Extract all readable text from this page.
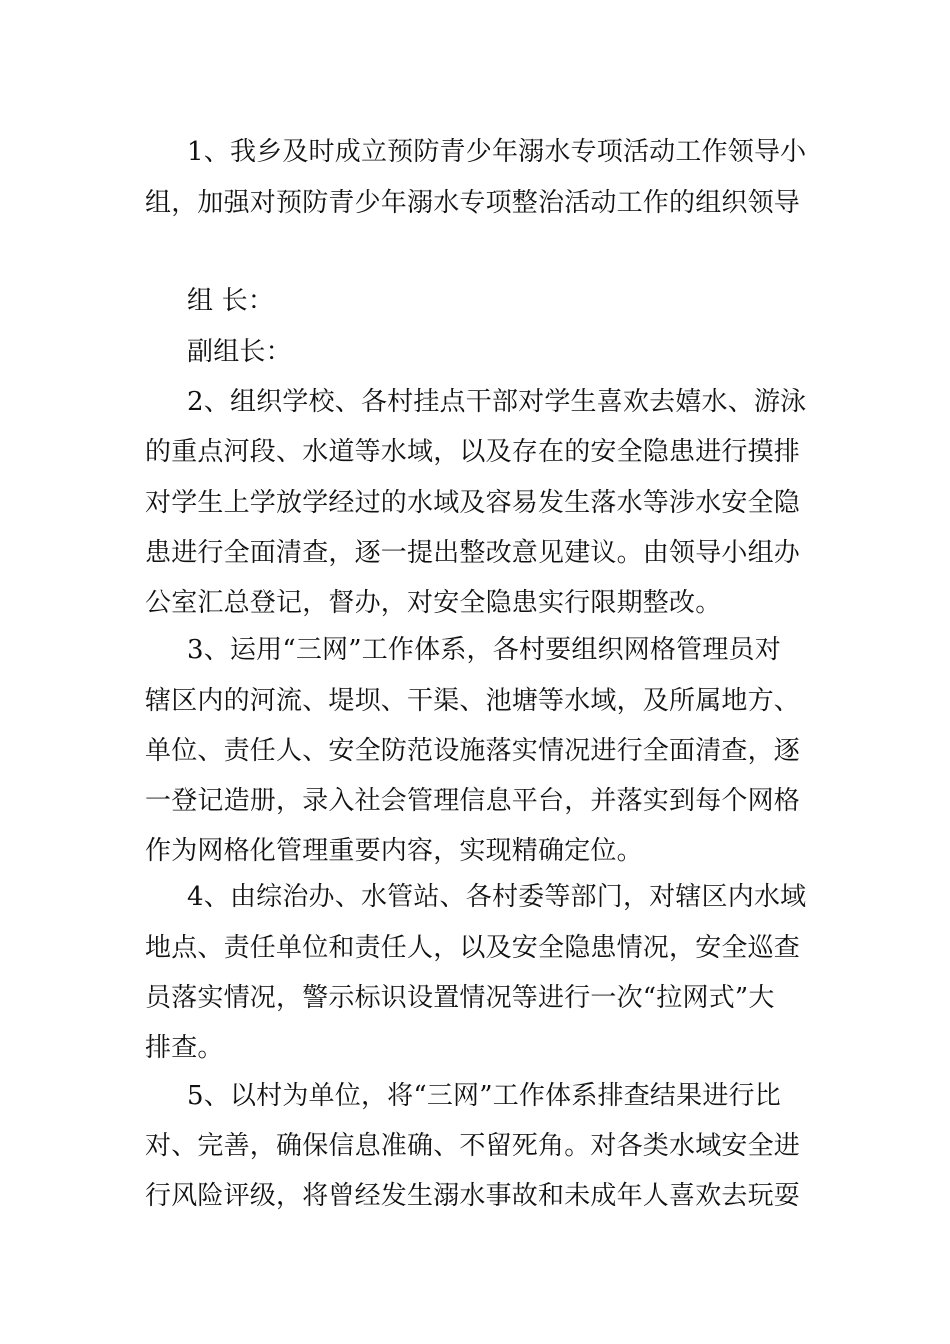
1、我乡及时成立预防青少年溺水专项活动工作领导小
组，加强对预防青少年溺水专项整治活动工作的组织领导
组 长：
副组长：
2、组织学校、各村挂点干部对学生喜欢去嬉水、游泳
的重点河段、水道等水域，以及存在的安全隐患进行摸排
对学生上学放学经过的水域及容易发生落水等涉水安全隐
患进行全面清查，逐一提出整改意见建议。由领导小组办
公室汇总登记，督办，对安全隐患实行限期整改。
3、运用“三网”工作体系，各村要组织网格管理员对
辖区内的河流、堤坝、干渠、池塘等水域，及所属地方、
单位、责任人、安全防范设施落实情况进行全面清查，逐
一登记造册，录入社会管理信息平台，并落实到每个网格
作为网格化管理重要内容，实现精确定位。
4、由综治办、水管站、各村委等部门，对辖区内水域
地点、责任单位和责任人，以及安全隐患情况，安全巡查
员落实情况，警示标识设置情况等进行一次“拉网式”大
排查。
5、以村为单位，将“三网”工作体系排查结果进行比
对、完善，确保信息准确、不留死角。对各类水域安全进
行风险评级，将曾经发生溺水事故和未成年人喜欢去玩耍
